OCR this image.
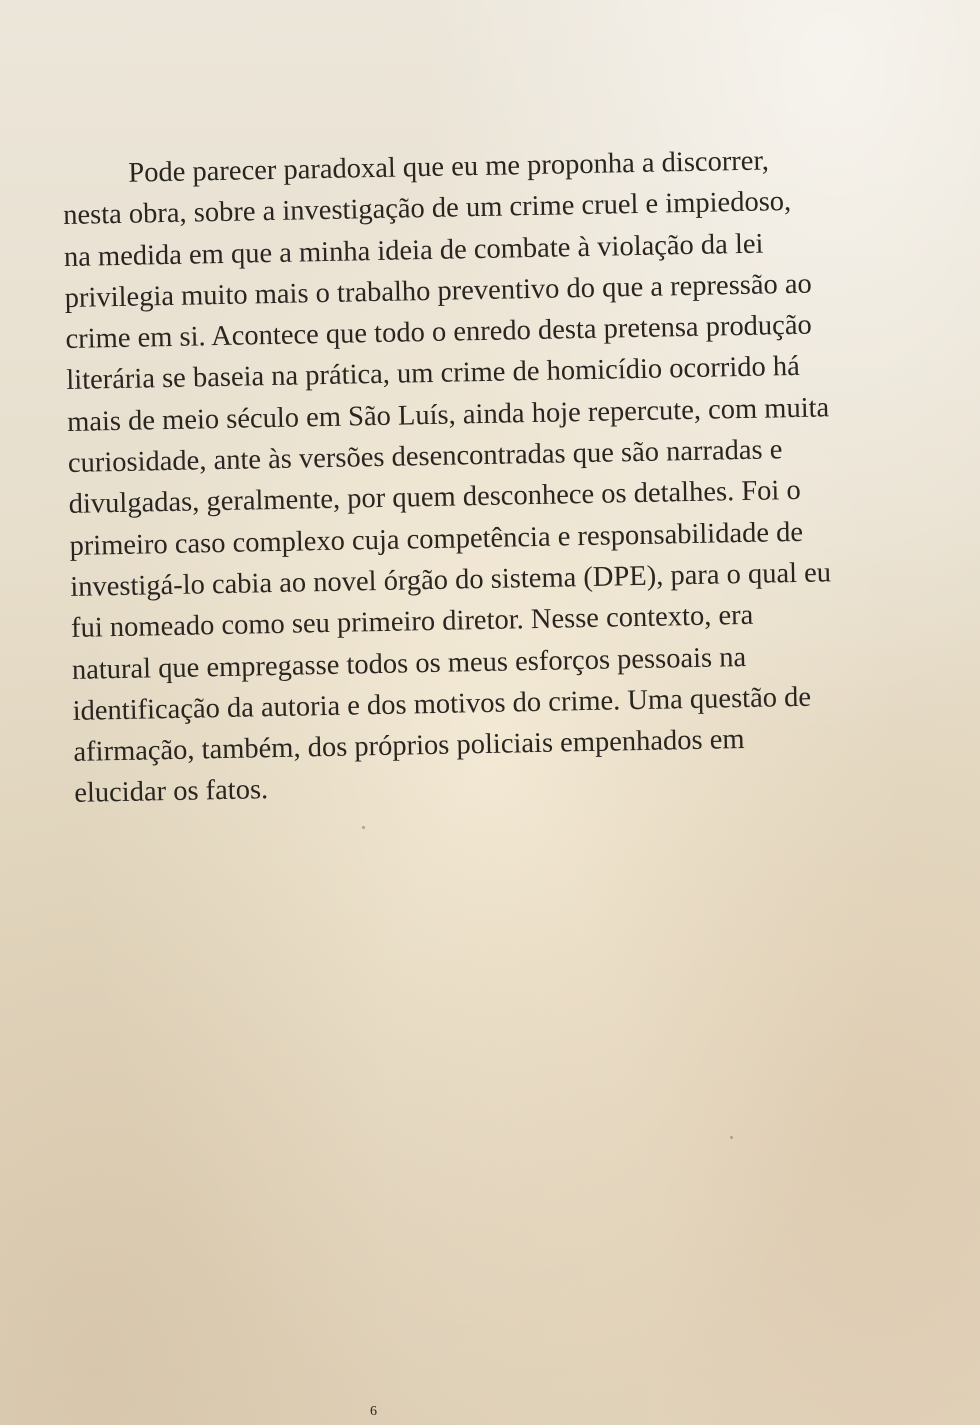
Pode parecer paradoxal que eu me proponha a discorrer,
nesta obra, sobre a investigação de um crime cruel e impiedoso,
na medida em que a minha ideia de combate à violação da lei
privilegia muito mais o trabalho preventivo do que a repressão ao
crime em si. Acontece que todo o enredo desta pretensa produção
literária se baseia na prática, um crime de homicídio ocorrido há
mais de meio século em São Luís, ainda hoje repercute, com muita
curiosidade, ante às versões desencontradas que são narradas e
divulgadas, geralmente, por quem desconhece os detalhes. Foi o
primeiro caso complexo cuja competência e responsabilidade de
investigá-lo cabia ao novel órgão do sistema (DPE), para o qual eu
fui nomeado como seu primeiro diretor. Nesse contexto, era
natural que empregasse todos os meus esforços pessoais na
identificação da autoria e dos motivos do crime. Uma questão de
afirmação, também, dos próprios policiais empenhados em
elucidar os fatos.
6
